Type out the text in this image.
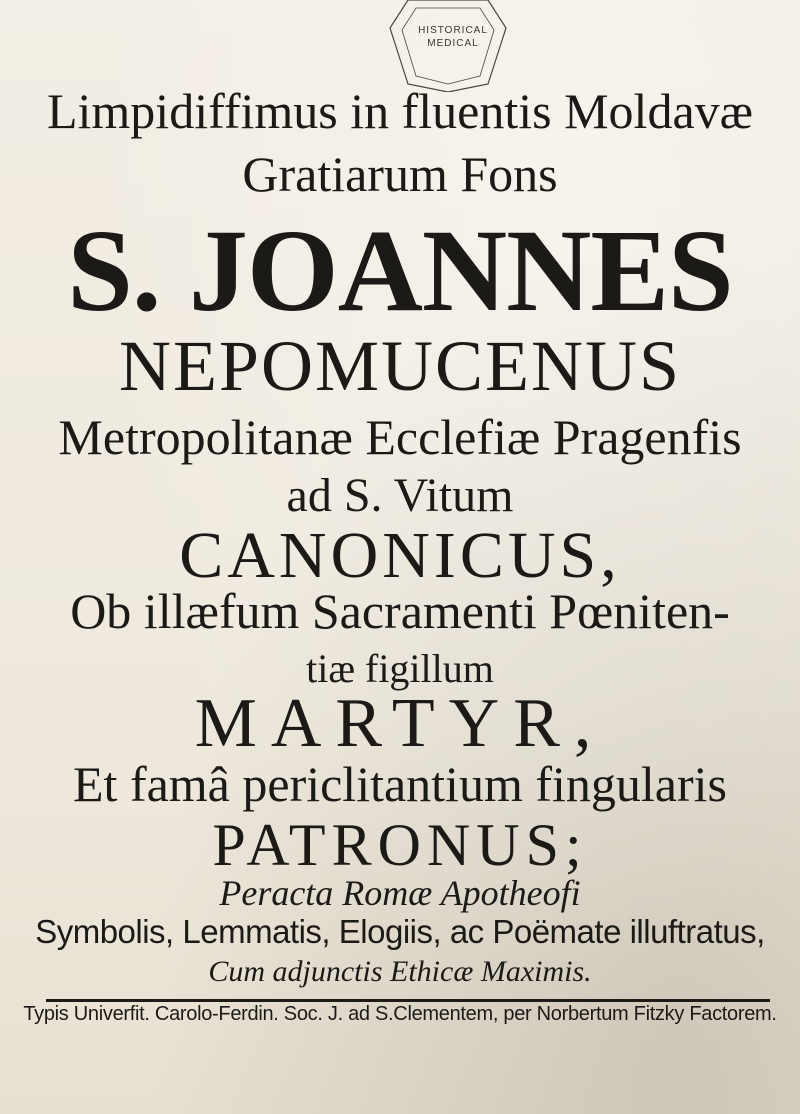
HISTORICAL
MEDICAL
Limpidiffimus in fluentis Moldavæ
Gratiarum Fons
S. JOANNES
NEPOMUCENUS
Metropolitanæ Ecclefiæ Pragenfis
ad S. Vitum
CANONICUS,
Ob illæfum Sacramenti Pœniten-
tiæ figillum
MARTYR,
Et famâ periclitantium fingularis
PATRONUS;
Peracta Romæ Apotheofi
Symbolis, Lemmatis, Elogiis, ac Poëmate illuftratus,
Cum adjunctis Ethicæ Maximis.
Typis Univerfit. Carolo-Ferdin. Soc. J. ad S.Clementem, per Norbertum Fitzky Factorem.
